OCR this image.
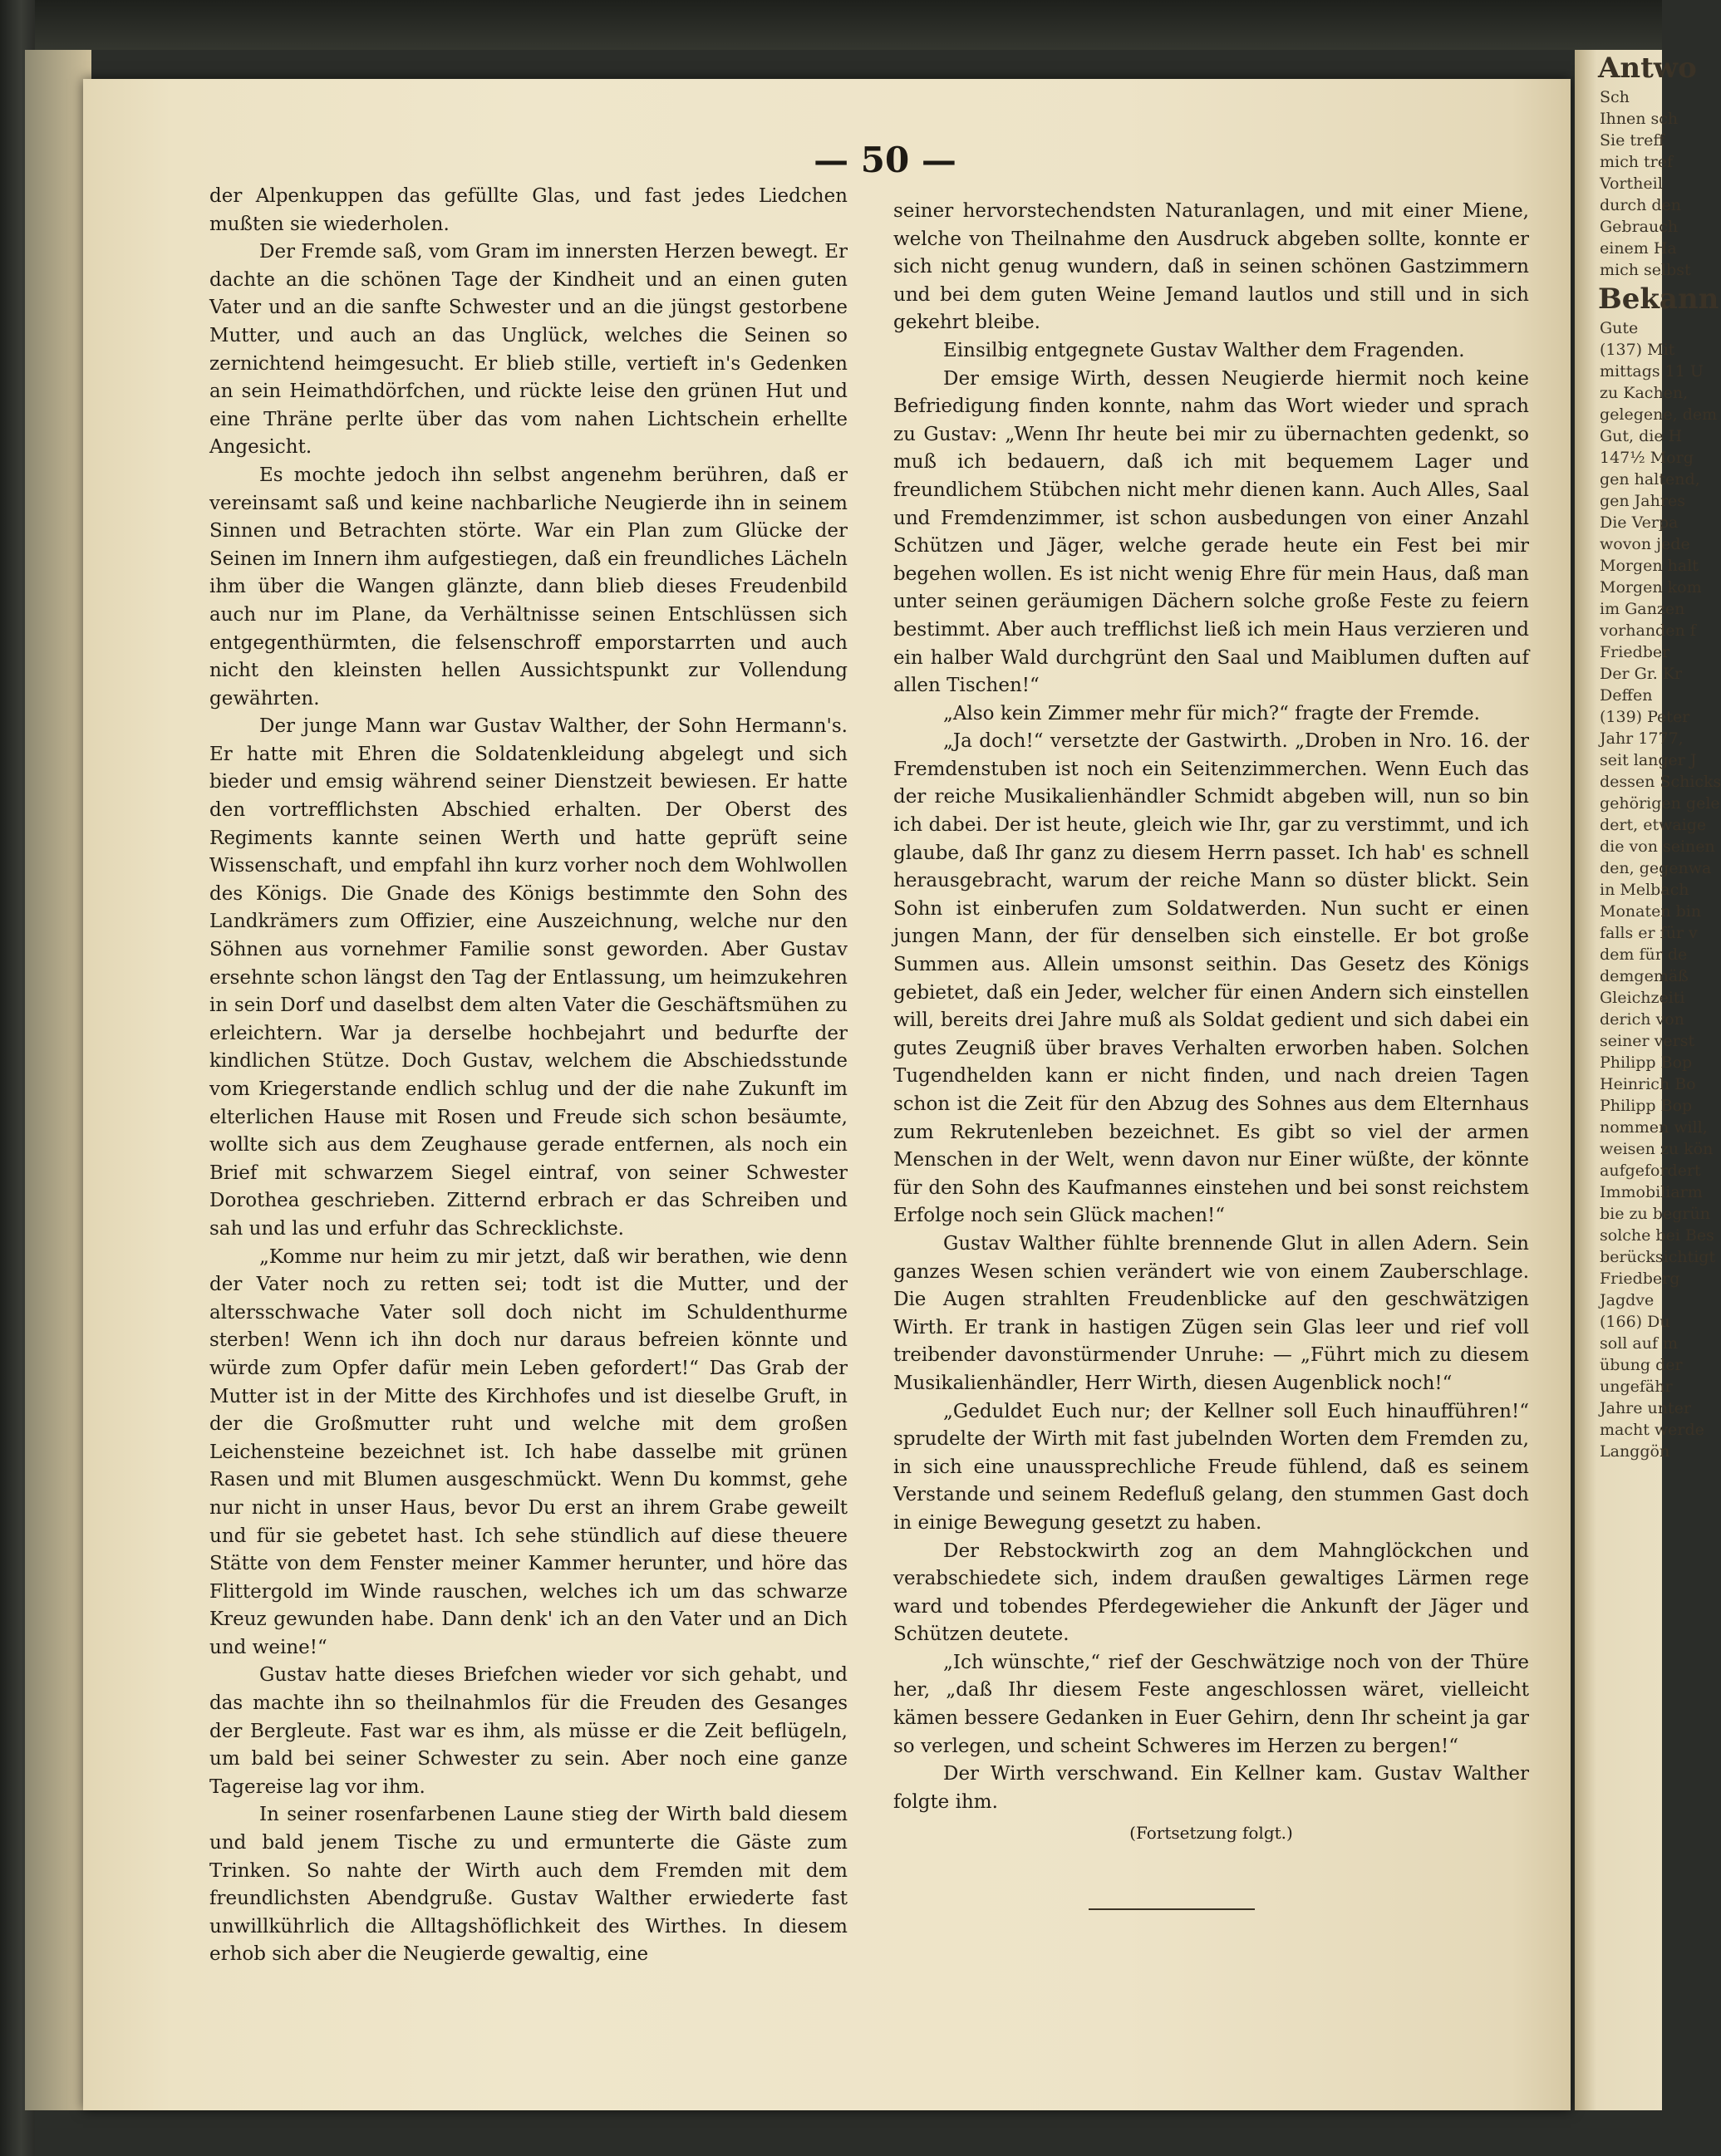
— 50 —

der Alpenkuppen das gefüllte Glas, und fast jedes Liedchen mußten sie wiederholen.

Der Fremde saß, vom Gram im innersten Herzen bewegt. Er dachte an die schönen Tage der Kindheit und an einen guten Vater und an die sanfte Schwester und an die jüngst gestorbene Mutter, und auch an das Unglück, welches die Seinen so zernichtend heimgesucht. Er blieb stille, vertieft in's Gedenken an sein Heimathdörfchen, und rückte leise den grünen Hut und eine Thräne perlte über das vom nahen Lichtschein erhellte Angesicht.

Es mochte jedoch ihn selbst angenehm berühren, daß er vereinsamt saß und keine nachbarliche Neugierde ihn in seinem Sinnen und Betrachten störte. War ein Plan zum Glücke der Seinen im Innern ihm aufgestiegen, daß ein freundliches Lächeln ihm über die Wangen glänzte, dann blieb dieses Freudenbild auch nur im Plane, da Verhältnisse seinen Entschlüssen sich entgegenthürmten, die felsenschroff emporstarrten und auch nicht den kleinsten hellen Aussichtspunkt zur Vollendung gewährten.

Der junge Mann war Gustav Walther, der Sohn Hermann's. Er hatte mit Ehren die Soldatenkleidung abgelegt und sich bieder und emsig während seiner Dienstzeit bewiesen. Er hatte den vortrefflichsten Abschied erhalten. Der Oberst des Regiments kannte seinen Werth und hatte geprüft seine Wissenschaft, und empfahl ihn kurz vorher noch dem Wohlwollen des Königs. Die Gnade des Königs bestimmte den Sohn des Landkrämers zum Offizier, eine Auszeichnung, welche nur den Söhnen aus vornehmer Familie sonst geworden. Aber Gustav ersehnte schon längst den Tag der Entlassung, um heimzukehren in sein Dorf und daselbst dem alten Vater die Geschäftsmühen zu erleichtern. War ja derselbe hochbejahrt und bedurfte der kindlichen Stütze. Doch Gustav, welchem die Abschiedsstunde vom Kriegerstande endlich schlug und der die nahe Zukunft im elterlichen Hause mit Rosen und Freude sich schon besäumte, wollte sich aus dem Zeughause gerade entfernen, als noch ein Brief mit schwarzem Siegel eintraf, von seiner Schwester Dorothea geschrieben. Zitternd erbrach er das Schreiben und sah und las und erfuhr das Schrecklichste.

„Komme nur heim zu mir jetzt, daß wir berathen, wie denn der Vater noch zu retten sei; todt ist die Mutter, und der altersschwache Vater soll doch nicht im Schuldenthurme sterben! Wenn ich ihn doch nur daraus befreien könnte und würde zum Opfer dafür mein Leben gefordert!“ Das Grab der Mutter ist in der Mitte des Kirchhofes und ist dieselbe Gruft, in der die Großmutter ruht und welche mit dem großen Leichensteine bezeichnet ist. Ich habe dasselbe mit grünen Rasen und mit Blumen ausgeschmückt. Wenn Du kommst, gehe nur nicht in unser Haus, bevor Du erst an ihrem Grabe geweilt und für sie gebetet hast. Ich sehe stündlich auf diese theuere Stätte von dem Fenster meiner Kammer herunter, und höre das Flittergold im Winde rauschen, welches ich um das schwarze Kreuz gewunden habe. Dann denk' ich an den Vater und an Dich und weine!“

Gustav hatte dieses Briefchen wieder vor sich gehabt, und das machte ihn so theilnahmlos für die Freuden des Gesanges der Bergleute. Fast war es ihm, als müsse er die Zeit beflügeln, um bald bei seiner Schwester zu sein. Aber noch eine ganze Tagereise lag vor ihm.

In seiner rosenfarbenen Laune stieg der Wirth bald diesem und bald jenem Tische zu und ermunterte die Gäste zum Trinken. So nahte der Wirth auch dem Fremden mit dem freundlichsten Abendgruße. Gustav Walther erwiederte fast unwillkührlich die Alltagshöflichkeit des Wirthes. In diesem erhob sich aber die Neugierde gewaltig, eine

seiner hervorstechendsten Naturanlagen, und mit einer Miene, welche von Theilnahme den Ausdruck abgeben sollte, konnte er sich nicht genug wundern, daß in seinen schönen Gastzimmern und bei dem guten Weine Jemand lautlos und still und in sich gekehrt bleibe.

Einsilbig entgegnete Gustav Walther dem Fragenden.

Der emsige Wirth, dessen Neugierde hiermit noch keine Befriedigung finden konnte, nahm das Wort wieder und sprach zu Gustav: „Wenn Ihr heute bei mir zu übernachten gedenkt, so muß ich bedauern, daß ich mit bequemem Lager und freundlichem Stübchen nicht mehr dienen kann. Auch Alles, Saal und Fremdenzimmer, ist schon ausbedungen von einer Anzahl Schützen und Jäger, welche gerade heute ein Fest bei mir begehen wollen. Es ist nicht wenig Ehre für mein Haus, daß man unter seinen geräumigen Dächern solche große Feste zu feiern bestimmt. Aber auch trefflichst ließ ich mein Haus verzieren und ein halber Wald durchgrünt den Saal und Maiblumen duften auf allen Tischen!“

„Also kein Zimmer mehr für mich?“ fragte der Fremde.

„Ja doch!“ versetzte der Gastwirth. „Droben in Nro. 16. der Fremdenstuben ist noch ein Seitenzimmerchen. Wenn Euch das der reiche Musikalienhändler Schmidt abgeben will, nun so bin ich dabei. Der ist heute, gleich wie Ihr, gar zu verstimmt, und ich glaube, daß Ihr ganz zu diesem Herrn passet. Ich hab' es schnell herausgebracht, warum der reiche Mann so düster blickt. Sein Sohn ist einberufen zum Soldatwerden. Nun sucht er einen jungen Mann, der für denselben sich einstelle. Er bot große Summen aus. Allein umsonst seithin. Das Gesetz des Königs gebietet, daß ein Jeder, welcher für einen Andern sich einstellen will, bereits drei Jahre muß als Soldat gedient und sich dabei ein gutes Zeugniß über braves Verhalten erworben haben. Solchen Tugendhelden kann er nicht finden, und nach dreien Tagen schon ist die Zeit für den Abzug des Sohnes aus dem Elternhaus zum Rekrutenleben bezeichnet. Es gibt so viel der armen Menschen in der Welt, wenn davon nur Einer wüßte, der könnte für den Sohn des Kaufmannes einstehen und bei sonst reichstem Erfolge noch sein Glück machen!“

Gustav Walther fühlte brennende Glut in allen Adern. Sein ganzes Wesen schien verändert wie von einem Zauberschlage. Die Augen strahlten Freudenblicke auf den geschwätzigen Wirth. Er trank in hastigen Zügen sein Glas leer und rief voll treibender davonstürmender Unruhe: — „Führt mich zu diesem Musikalienhändler, Herr Wirth, diesen Augenblick noch!“

„Geduldet Euch nur; der Kellner soll Euch hinaufführen!“ sprudelte der Wirth mit fast jubelnden Worten dem Fremden zu, in sich eine unaussprechliche Freude fühlend, daß es seinem Verstande und seinem Redefluß gelang, den stummen Gast doch in einige Bewegung gesetzt zu haben.

Der Rebstockwirth zog an dem Mahnglöckchen und verabschiedete sich, indem draußen gewaltiges Lärmen rege ward und tobendes Pferdegewieher die Ankunft der Jäger und Schützen deutete.

„Ich wünschte,“ rief der Geschwätzige noch von der Thüre her, „daß Ihr diesem Feste angeschlossen wäret, vielleicht kämen bessere Gedanken in Euer Gehirn, denn Ihr scheint ja gar so verlegen, und scheint Schweres im Herzen zu bergen!“

Der Wirth verschwand. Ein Kellner kam. Gustav Walther folgte ihm.

(Fortsetzung folgt.)

Antwo
Sch
Ihnen sch
Sie treff
mich tref
Vortheil
durch den
Gebrauch
einem Ha
mich selbst
Bekann
Gute
(137) Mit
mittags 11 U
zu Kachen,
gelegene, dem
Gut, die H
147½ Morg
gen haltend,
gen Jahres
Die Verpa
wovon jede
Morgen halt
Morgen kom
im Ganzen
vorhanden f
Friedber
Der Gr. Kr
Deffen
(139) Peter
Jahr 1777,
seit langer J
dessen Schicks
gehörigen gele
dert, etwaige
die von seinen
den, gegenwa
in Melbach
Monaten bin
falls er für v
dem für de
demgemäß
Gleichzeiti
derich von
seiner verst
Philipp Bop
Heinrich Bo
Philipp Bop
nommen will,
weisen zu kön
aufgefordert
Immobiliarm
bie zu begrün
solche bei Bes
berücksichtigt
Friedberg
Jagdve
(166) Du
soll auf m
übung der
ungefähr
Jahre unter
macht werde
Langgön
